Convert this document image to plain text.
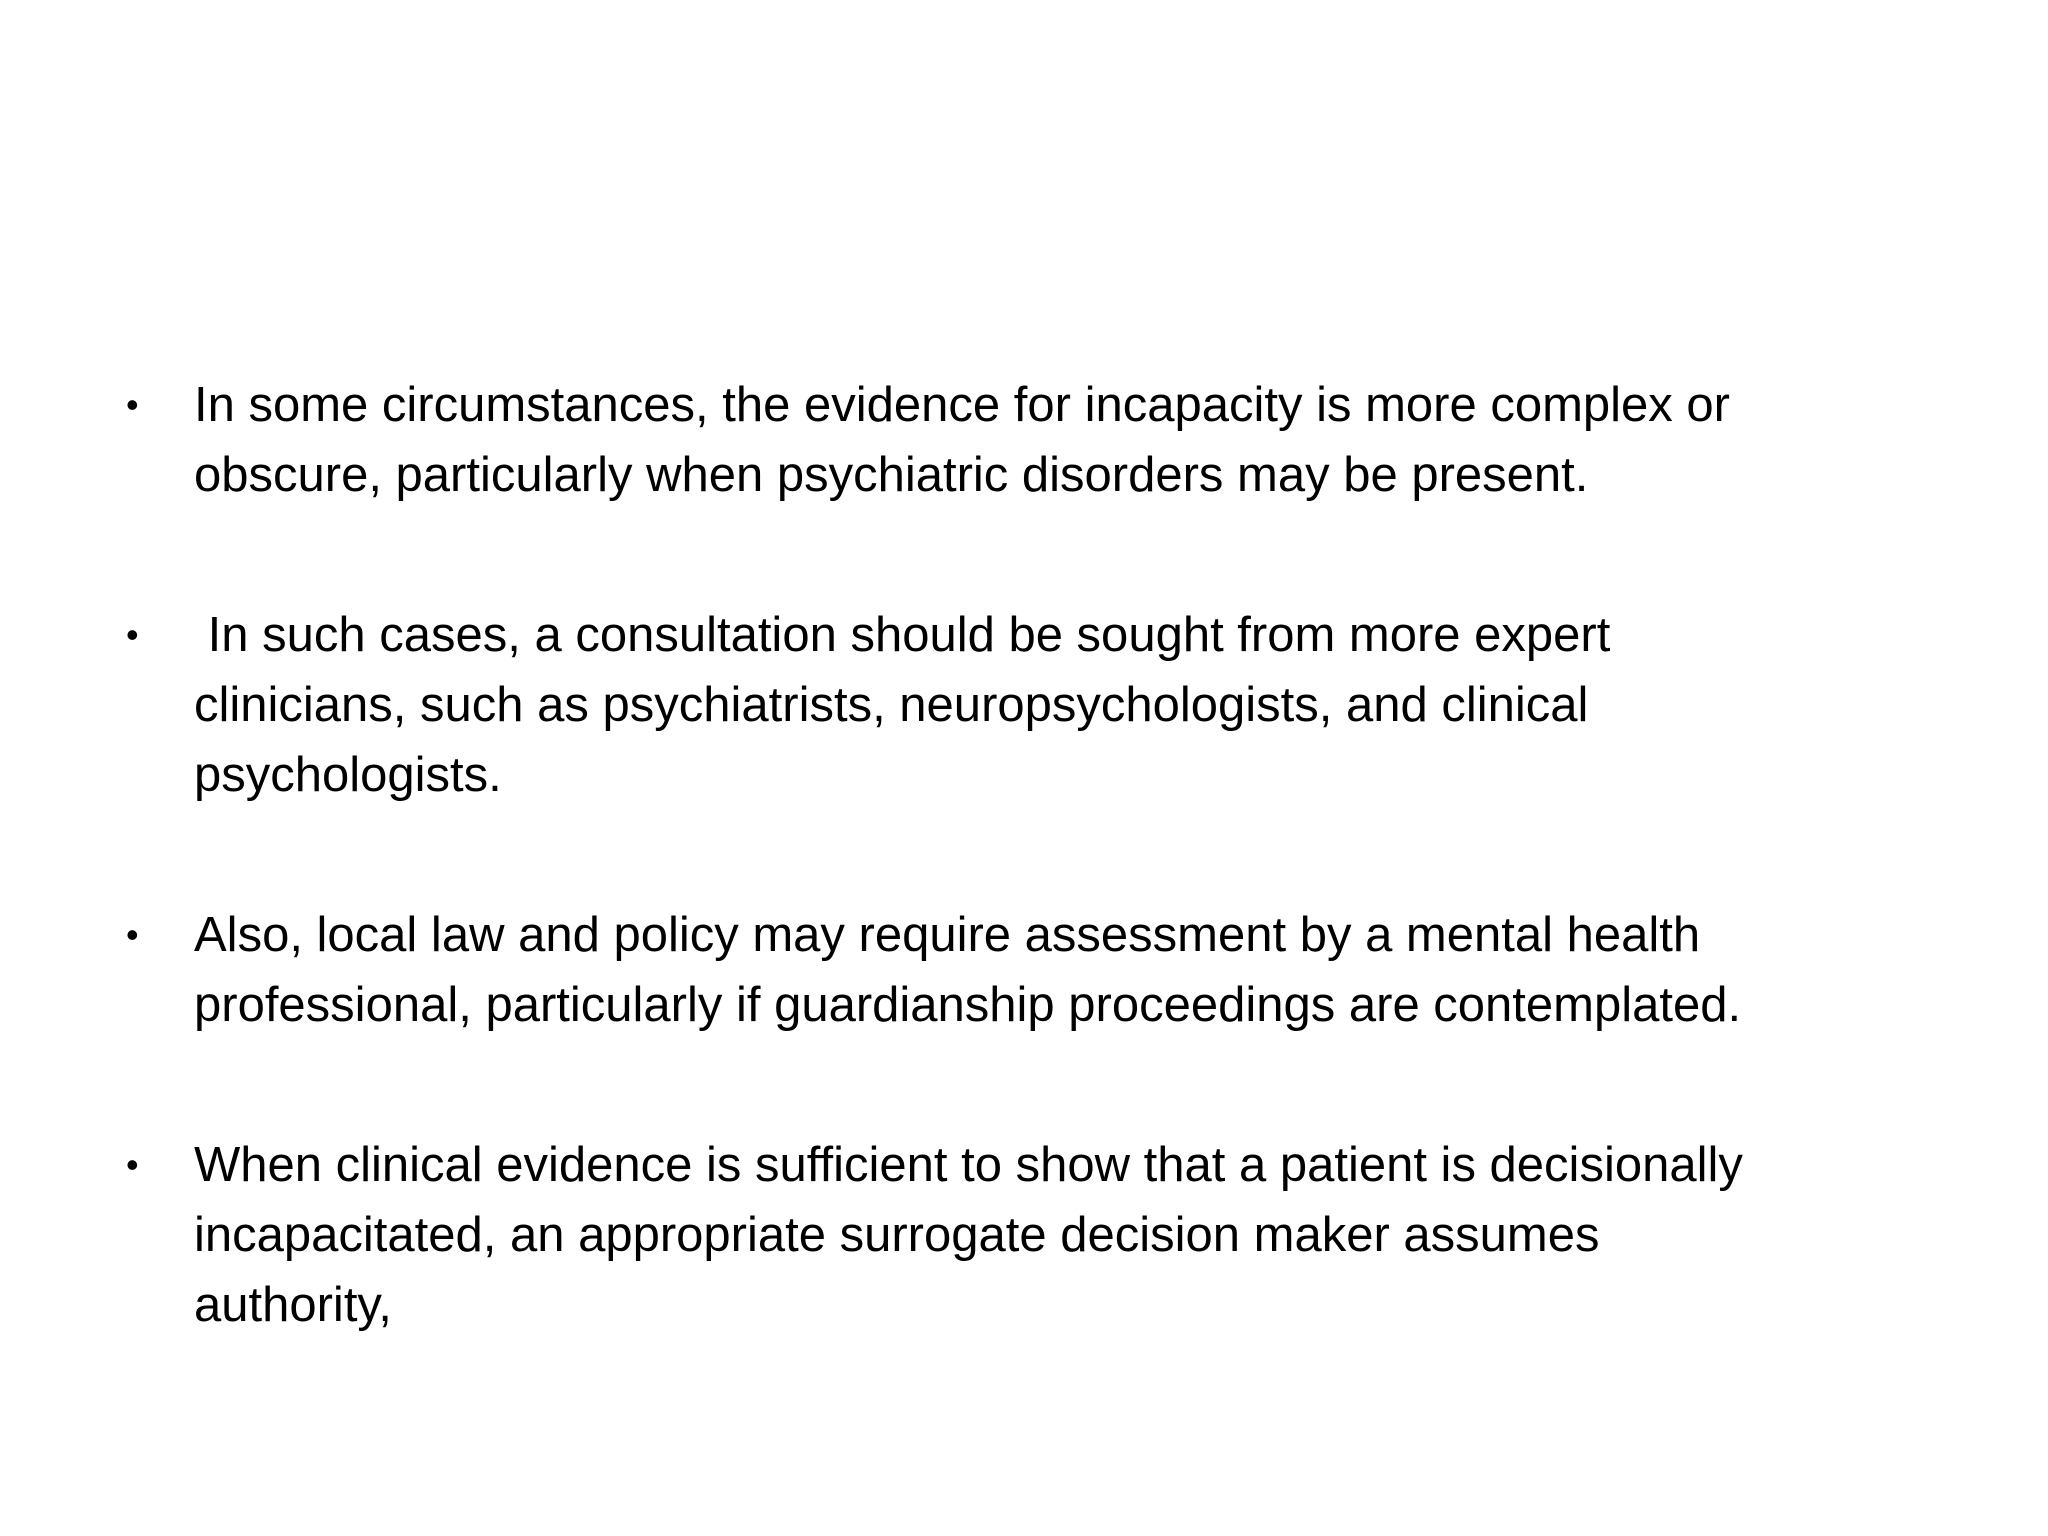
• In some circumstances, the evidence for incapacity is more complex or
obscure, particularly when psychiatric disorders may be present.
• In such cases, a consultation should be sought from more expert
clinicians, such as psychiatrists, neuropsychologists, and clinical
psychologists.
• Also, local law and policy may require assessment by a mental health
professional, particularly if guardianship proceedings are contemplated.
• When clinical evidence is sufficient to show that a patient is decisionally
incapacitated, an appropriate surrogate decision maker assumes
authority,
